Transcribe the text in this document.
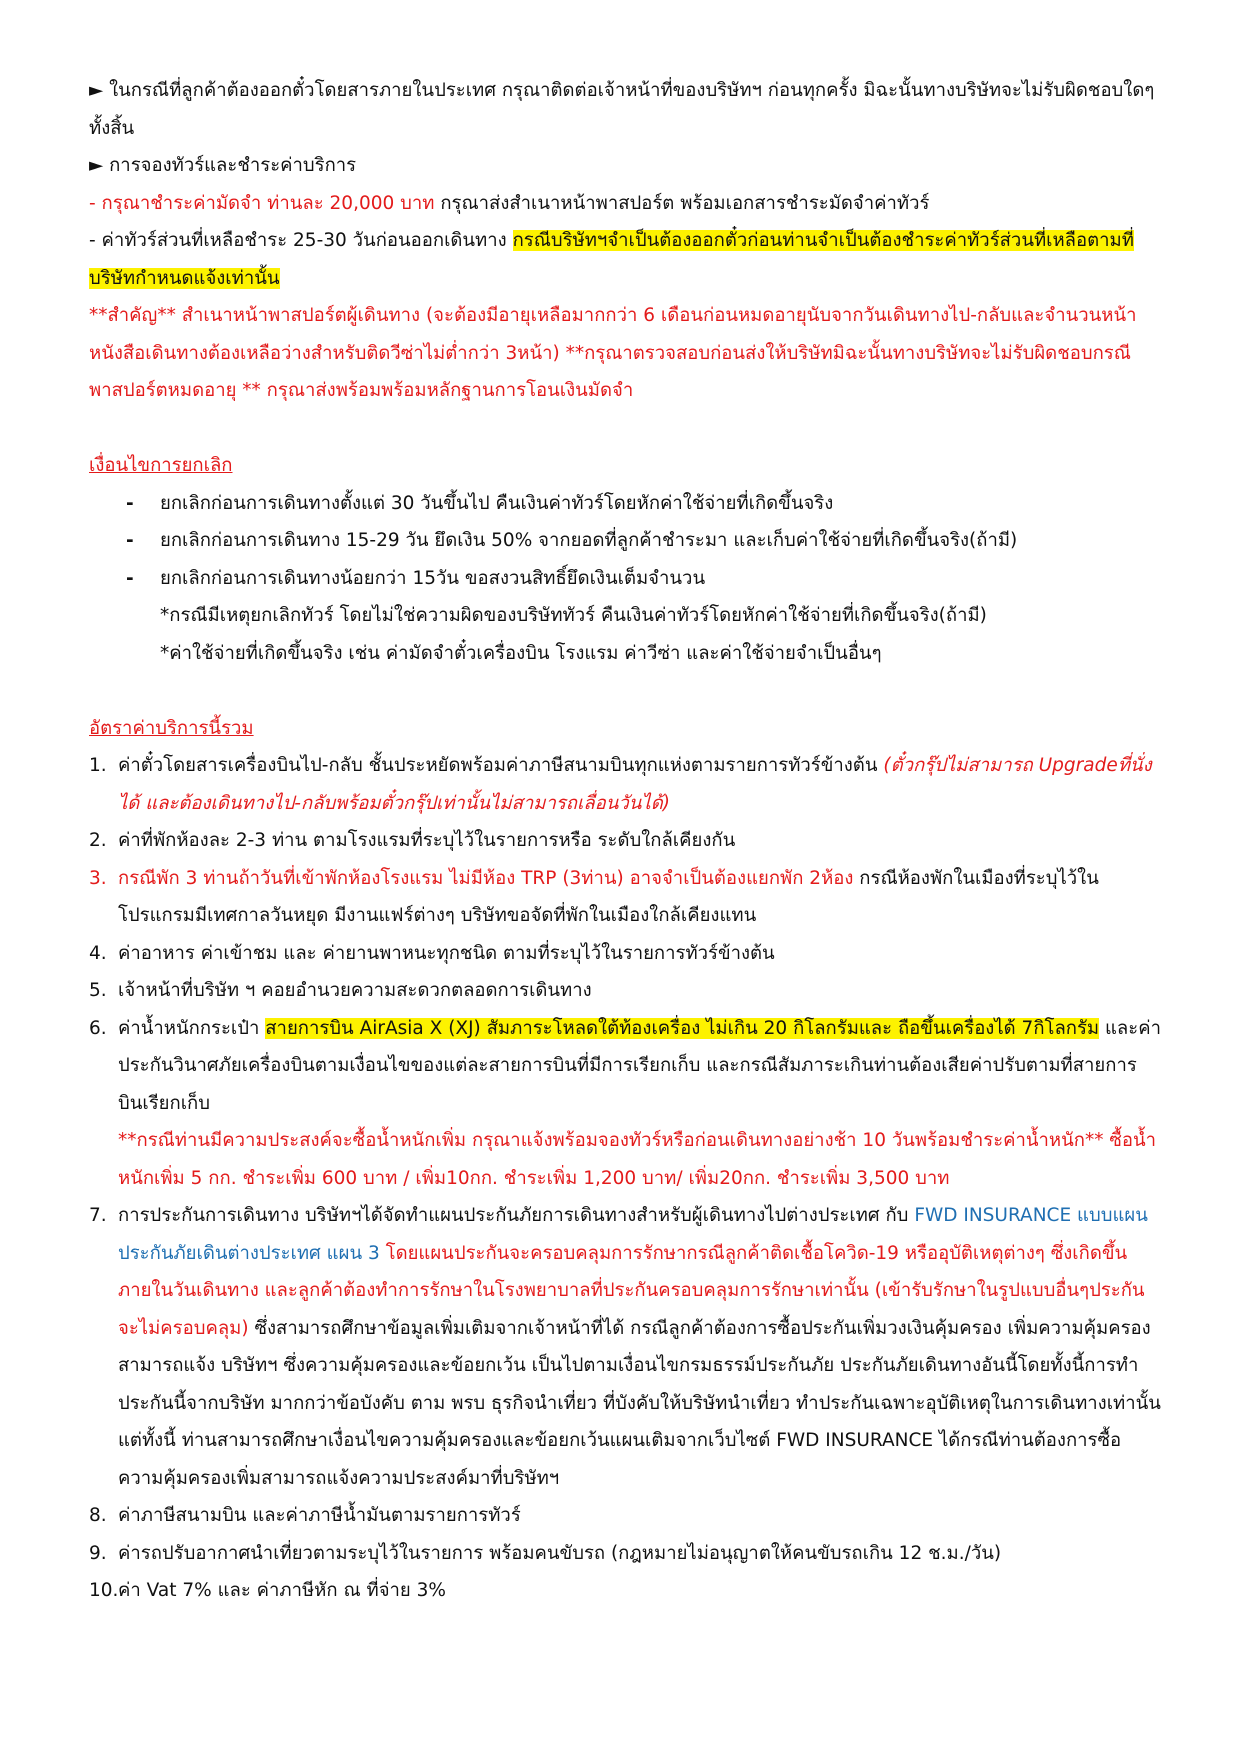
► ในกรณีที่ลูกค้าต้องออกตั๋วโดยสารภายในประเทศ กรุณาติดต่อเจ้าหน้าที่ของบริษัทฯ ก่อนทุกครั้ง มิฉะนั้นทางบริษัทจะไม่รับผิดชอบใดๆ ทั้งสิ้น

► การจองทัวร์และชำระค่าบริการ

- กรุณาชำระค่ามัดจำ ท่านละ 20,000 บาท กรุณาส่งสำเนาหน้าพาสปอร์ต พร้อมเอกสารชำระมัดจำค่าทัวร์

- ค่าทัวร์ส่วนที่เหลือชำระ 25-30 วันก่อนออกเดินทาง กรณีบริษัทฯจำเป็นต้องออกตั๋วก่อนท่านจำเป็นต้องชำระค่าทัวร์ส่วนที่เหลือตามที่บริษัทกำหนดแจ้งเท่านั้น

**สำคัญ** สำเนาหน้าพาสปอร์ตผู้เดินทาง (จะต้องมีอายุเหลือมากกว่า 6 เดือนก่อนหมดอายุนับจากวันเดินทางไป-กลับและจำนวนหน้าหนังสือเดินทางต้องเหลือว่างสำหรับติดวีซ่าไม่ต่ำกว่า 3หน้า) **กรุณาตรวจสอบก่อนส่งให้บริษัทมิฉะนั้นทางบริษัทจะไม่รับผิดชอบกรณีพาสปอร์ตหมดอายุ ** กรุณาส่งพร้อมพร้อมหลักฐานการโอนเงินมัดจำ

เงื่อนไขการยกเลิก

-	ยกเลิกก่อนการเดินทางตั้งแต่ 30 วันขึ้นไป คืนเงินค่าทัวร์โดยหักค่าใช้จ่ายที่เกิดขึ้นจริง
-	ยกเลิกก่อนการเดินทาง 15-29 วัน ยึดเงิน 50% จากยอดที่ลูกค้าชำระมา และเก็บค่าใช้จ่ายที่เกิดขึ้นจริง(ถ้ามี)
-	ยกเลิกก่อนการเดินทางน้อยกว่า 15วัน ขอสงวนสิทธิ์ยึดเงินเต็มจำนวน

*กรณีมีเหตุยกเลิกทัวร์ โดยไม่ใช่ความผิดของบริษัททัวร์ คืนเงินค่าทัวร์โดยหักค่าใช้จ่ายที่เกิดขึ้นจริง(ถ้ามี)

*ค่าใช้จ่ายที่เกิดขึ้นจริง เช่น ค่ามัดจำตั๋วเครื่องบิน โรงแรม ค่าวีซ่า และค่าใช้จ่ายจำเป็นอื่นๆ

อัตราค่าบริการนี้รวม

1. ค่าตั๋วโดยสารเครื่องบินไป-กลับ ชั้นประหยัดพร้อมค่าภาษีสนามบินทุกแห่งตามรายการทัวร์ข้างต้น (ตั๋วกรุ๊ปไม่สามารถ Upgradeที่นั่ง ได้ และต้องเดินทางไป-กลับพร้อมตั๋วกรุ๊ปเท่านั้นไม่สามารถเลื่อนวันได้)
2. ค่าที่พักห้องละ 2-3 ท่าน ตามโรงแรมที่ระบุไว้ในรายการหรือ ระดับใกล้เคียงกัน
3. กรณีพัก 3 ท่านถ้าวันที่เข้าพักห้องโรงแรม ไม่มีห้อง TRP (3ท่าน) อาจจำเป็นต้องแยกพัก 2ห้อง กรณีห้องพักในเมืองที่ระบุไว้ในโปรแกรมมีเทศกาลวันหยุด มีงานแฟร์ต่างๆ บริษัทขอจัดที่พักในเมืองใกล้เคียงแทน
4. ค่าอาหาร ค่าเข้าชม และ ค่ายานพาหนะทุกชนิด ตามที่ระบุไว้ในรายการทัวร์ข้างต้น
5. เจ้าหน้าที่บริษัท ฯ คอยอำนวยความสะดวกตลอดการเดินทาง
6. ค่าน้ำหนักกระเป๋า สายการบิน AirAsia X (XJ) สัมภาระโหลดใต้ท้องเครื่อง ไม่เกิน 20 กิโลกรัมและ ถือขึ้นเครื่องได้ 7กิโลกรัม และค่าประกันวินาศภัยเครื่องบินตามเงื่อนไขของแต่ละสายการบินที่มีการเรียกเก็บ และกรณีสัมภาระเกินท่านต้องเสียค่าปรับตามที่สายการบินเรียกเก็บ

**กรณีท่านมีความประสงค์จะซื้อน้ำหนักเพิ่ม กรุณาแจ้งพร้อมจองทัวร์หรือก่อนเดินทางอย่างช้า 10 วันพร้อมชำระค่าน้ำหนัก** ซื้อน้ำหนักเพิ่ม 5 กก. ชำระเพิ่ม 600 บาท / เพิ่ม10กก. ชำระเพิ่ม 1,200 บาท/ เพิ่ม20กก. ชำระเพิ่ม 3,500 บาท

7. การประกันการเดินทาง บริษัทฯได้จัดทำแผนประกันภัยการเดินทางสำหรับผู้เดินทางไปต่างประเทศ กับ FWD INSURANCE แบบแผนประกันภัยเดินต่างประเทศ แผน 3 โดยแผนประกันจะครอบคลุมการรักษากรณีลูกค้าติดเชื้อโควิด-19 หรืออุบัติเหตุต่างๆ ซึ่งเกิดขึ้นภายในวันเดินทาง และลูกค้าต้องทำการรักษาในโรงพยาบาลที่ประกันครอบคลุมการรักษาเท่านั้น (เข้ารับรักษาในรูปแบบอื่นๆประกันจะไม่ครอบคลุม) ซึ่งสามารถศึกษาข้อมูลเพิ่มเติมจากเจ้าหน้าที่ได้ กรณีลูกค้าต้องการซื้อประกันเพิ่มวงเงินคุ้มครอง เพิ่มความคุ้มครอง สามารถแจ้ง บริษัทฯ ซึ่งความคุ้มครองและข้อยกเว้น เป็นไปตามเงื่อนไขกรมธรรม์ประกันภัย ประกันภัยเดินทางอันนี้โดยทั้งนี้การทำประกันนี้จากบริษัท มากกว่าข้อบังคับ ตาม พรบ ธุรกิจนำเที่ยว ที่บังคับให้บริษัทนำเที่ยว ทำประกันเฉพาะอุบัติเหตุในการเดินทางเท่านั้น แต่ทั้งนี้ ท่านสามารถศึกษาเงื่อนไขความคุ้มครองและข้อยกเว้นแผนเติมจากเว็บไซต์ FWD INSURANCE ได้กรณีท่านต้องการซื้อความคุ้มครองเพิ่มสามารถแจ้งความประสงค์มาที่บริษัทฯ
8. ค่าภาษีสนามบิน และค่าภาษีน้ำมันตามรายการทัวร์
9. ค่ารถปรับอากาศนำเที่ยวตามระบุไว้ในรายการ พร้อมคนขับรถ (กฎหมายไม่อนุญาตให้คนขับรถเกิน 12 ช.ม./วัน)
10. ค่า Vat 7% และ ค่าภาษีหัก ณ ที่จ่าย 3%
